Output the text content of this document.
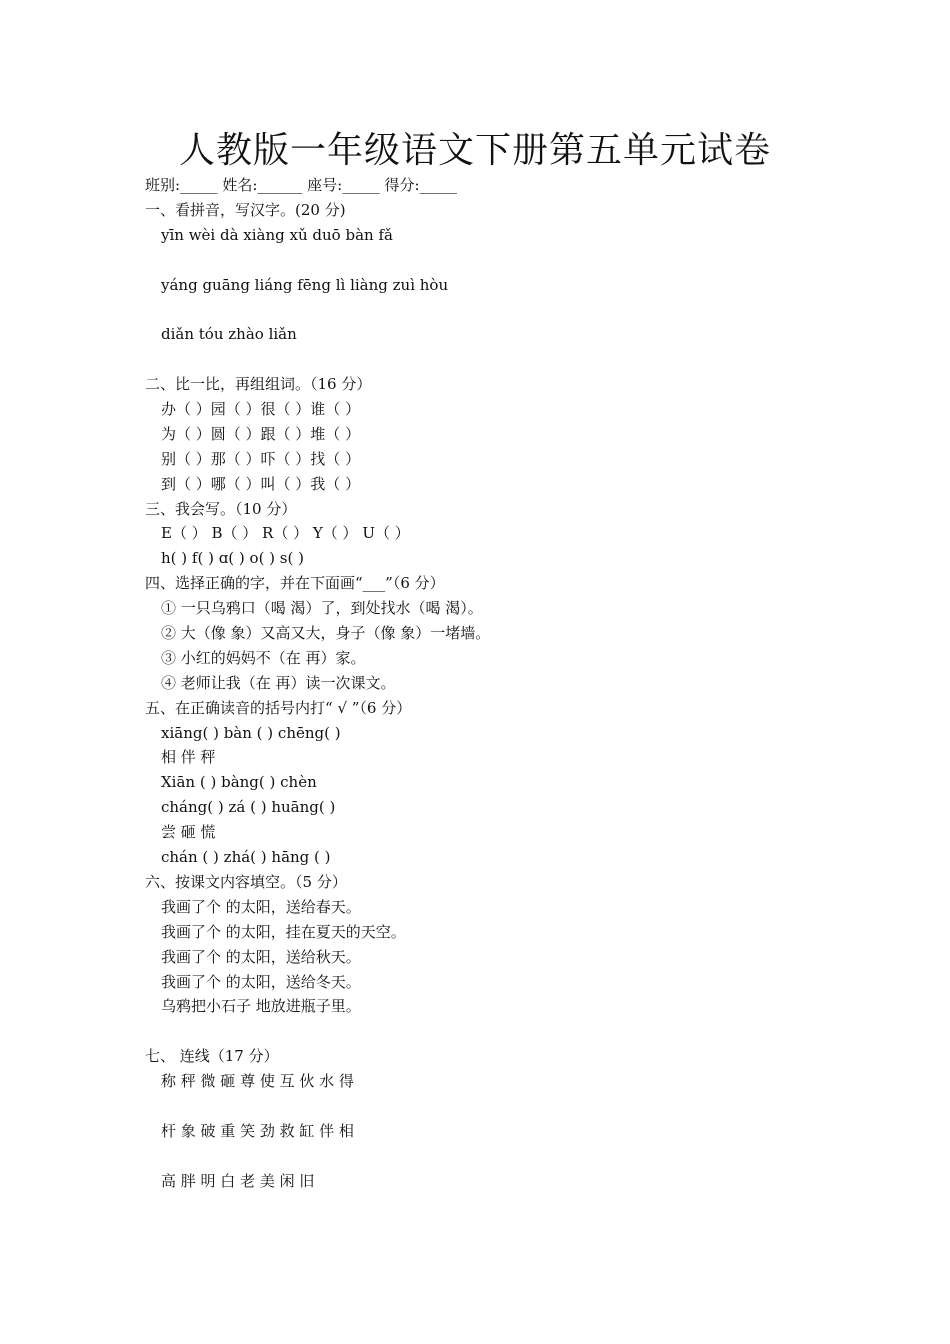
人教版一年级语文下册第五单元试卷
班别:_____ 姓名:______ 座号:_____ 得分:_____
一、看拼音，写汉字。(20 分)
yīn wèi dà xiàng xǔ duō bàn fǎ
yáng guāng liáng fēng lì liàng zuì hòu
diǎn tóu zhào liǎn
二、比一比，再组组词。（16 分）
办（ ）园（ ）很（ ）谁（ ）
为（ ）圆（ ）跟（ ）堆（ ）
别（ ）那（ ）吓（ ）找（ ）
到（ ）哪（ ）叫（ ）我（ ）
三、我会写。（10 分）
E（ ） B（ ） R（ ） Y（ ） U（ ）
h( ) f( ) ɑ( ) o( ) s( )
四、选择正确的字，并在下面画“___”（6 分）
① 一只乌鸦口（喝 渴）了，到处找水（喝 渴）。
② 大（像 象）又高又大，身子（像 象）一堵墙。
③ 小红的妈妈不（在 再）家。
④ 老师让我（在 再）读一次课文。
五、在正确读音的括号内打“ √ ”（6 分）
xiāng( ) bàn ( ) chēng( )
相 伴 秤
Xiān ( ) bàng( ) chèn
cháng( ) zá ( ) huāng( )
尝 砸 慌
chán ( ) zhá( ) hāng ( )
六、按课文内容填空。（5 分）
我画了个 的太阳，送给春天。
我画了个 的太阳，挂在夏天的天空。
我画了个 的太阳，送给秋天。
我画了个 的太阳，送给冬天。
乌鸦把小石子 地放进瓶子里。
七、 连线（17 分）
称 秤 微 砸 尊 使 互 伙 水 得
杆 象 破 重 笑 劲 救 缸 伴 相
高 胖 明 白 老 美 闲 旧
